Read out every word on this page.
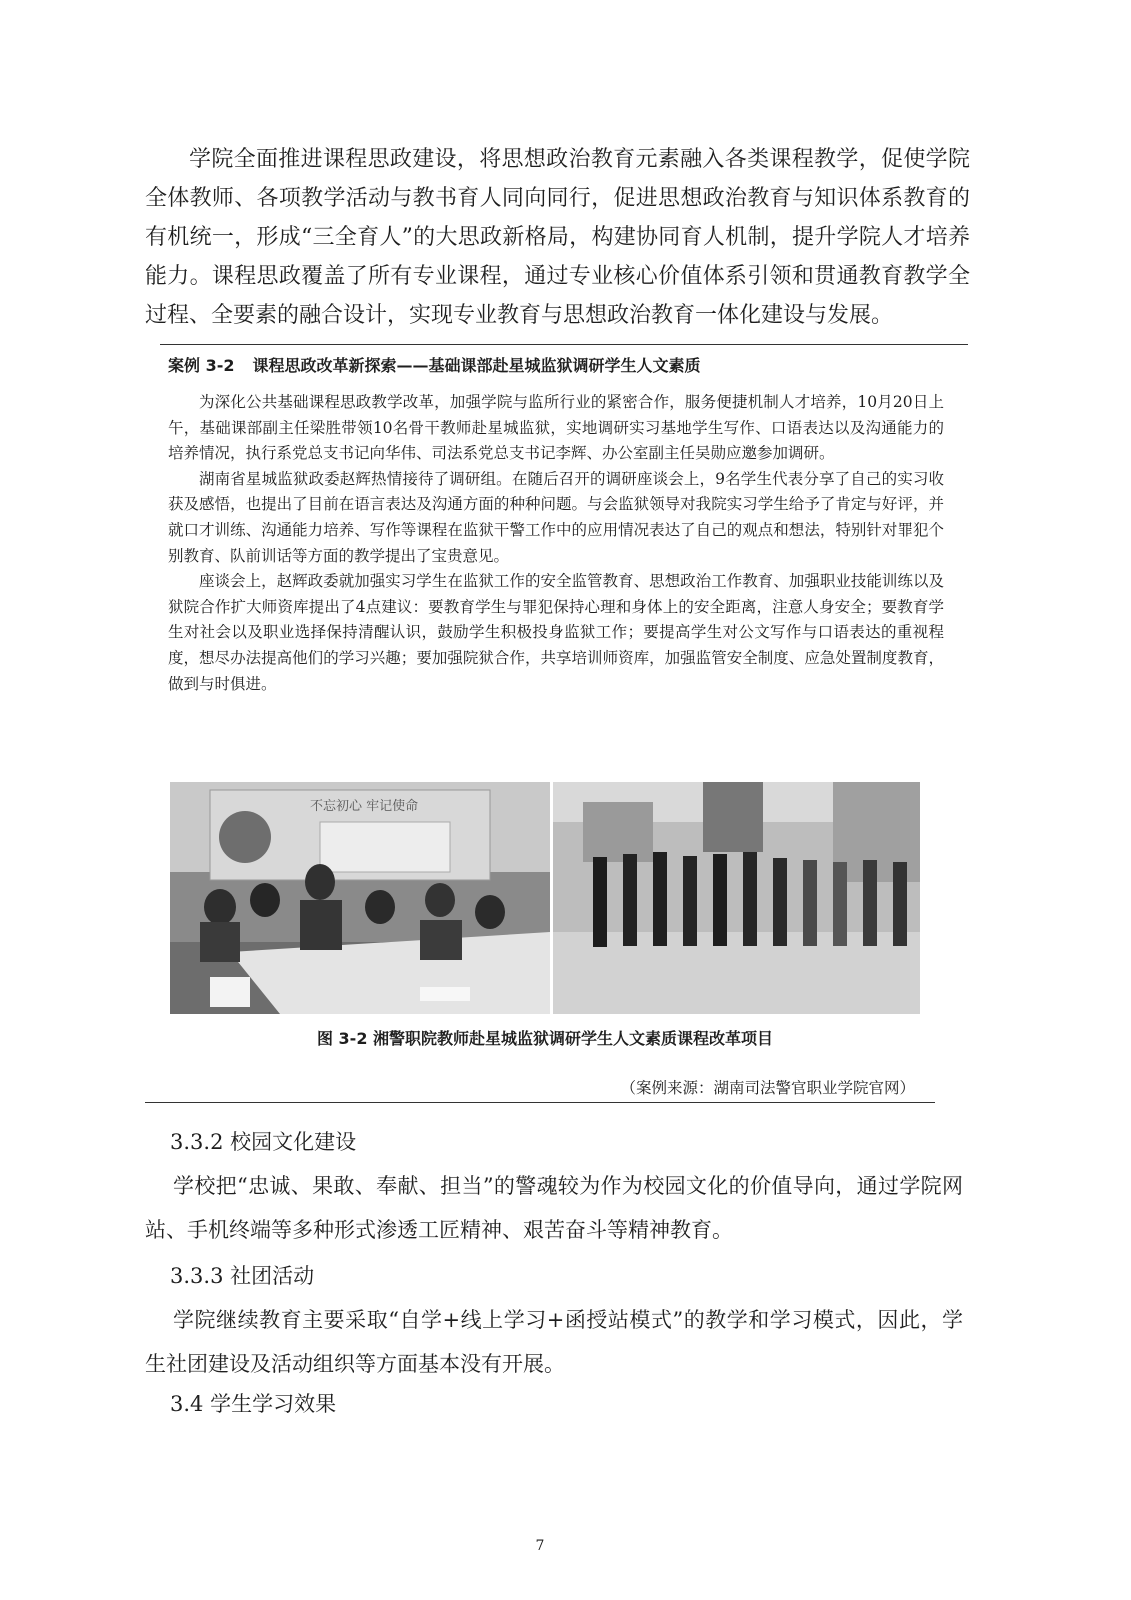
学院全面推进课程思政建设，将思想政治教育元素融入各类课程教学，促使学院全体教师、各项教学活动与教书育人同向同行，促进思想政治教育与知识体系教育的有机统一，形成“三全育人”的大思政新格局，构建协同育人机制，提升学院人才培养能力。课程思政覆盖了所有专业课程，通过专业核心价值体系引领和贯通教育教学全过程、全要素的融合设计，实现专业教育与思想政治教育一体化建设与发展。

案例 3-2 课程思政改革新探索——基础课部赴星城监狱调研学生人文素质

为深化公共基础课程思政教学改革，加强学院与监所行业的紧密合作，服务便捷机制人才培养，10月20日上午，基础课部副主任梁胜带领10名骨干教师赴星城监狱，实地调研实习基地学生写作、口语表达以及沟通能力的培养情况，执行系党总支书记向华伟、司法系党总支书记李辉、办公室副主任吴勋应邀参加调研。

湖南省星城监狱政委赵辉热情接待了调研组。在随后召开的调研座谈会上，9名学生代表分享了自己的实习收获及感悟，也提出了目前在语言表达及沟通方面的种种问题。与会监狱领导对我院实习学生给予了肯定与好评，并就口才训练、沟通能力培养、写作等课程在监狱干警工作中的应用情况表达了自己的观点和想法，特别针对罪犯个别教育、队前训话等方面的教学提出了宝贵意见。

座谈会上，赵辉政委就加强实习学生在监狱工作的安全监管教育、思想政治工作教育、加强职业技能训练以及狱院合作扩大师资库提出了4点建议：要教育学生与罪犯保持心理和身体上的安全距离，注意人身安全；要教育学生对社会以及职业选择保持清醒认识，鼓励学生积极投身监狱工作；要提高学生对公文写作与口语表达的重视程度，想尽办法提高他们的学习兴趣；要加强院狱合作，共享培训师资库，加强监管安全制度、应急处置制度教育，做到与时俱进。

不忘初心 牢记使命

图 3-2 湘警职院教师赴星城监狱调研学生人文素质课程改革项目

（案例来源：湖南司法警官职业学院官网）

3.3.2 校园文化建设

学校把“忠诚、果敢、奉献、担当”的警魂较为作为校园文化的价值导向，通过学院网站、手机终端等多种形式渗透工匠精神、艰苦奋斗等精神教育。

3.3.3 社团活动

学院继续教育主要采取“自学+线上学习+函授站模式”的教学和学习模式，因此，学生社团建设及活动组织等方面基本没有开展。

3.4 学生学习效果

7
